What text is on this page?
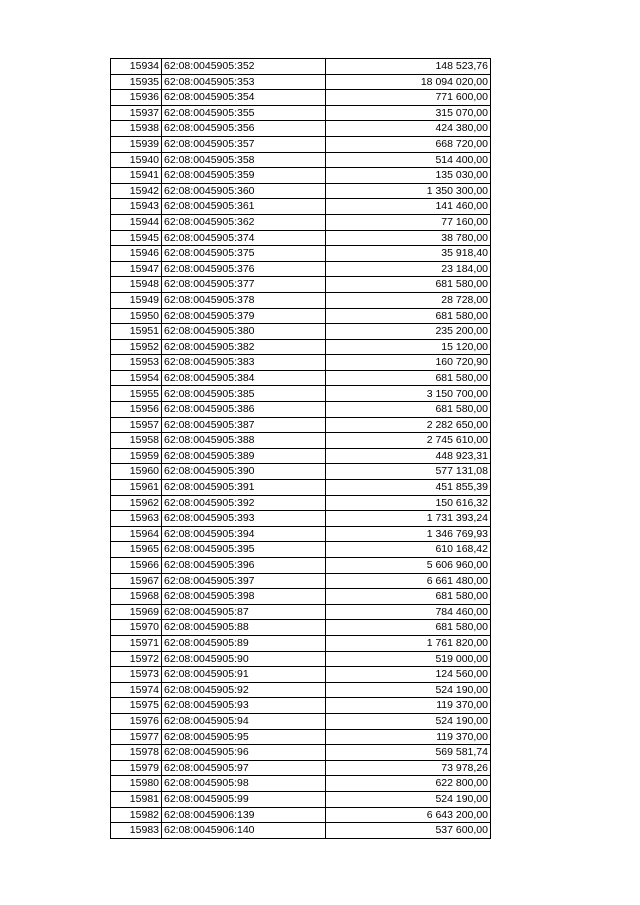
15934	62:08:0045905:352	148 523,76
15935	62:08:0045905:353	18 094 020,00
15936	62:08:0045905:354	771 600,00
15937	62:08:0045905:355	315 070,00
15938	62:08:0045905:356	424 380,00
15939	62:08:0045905:357	668 720,00
15940	62:08:0045905:358	514 400,00
15941	62:08:0045905:359	135 030,00
15942	62:08:0045905:360	1 350 300,00
15943	62:08:0045905:361	141 460,00
15944	62:08:0045905:362	77 160,00
15945	62:08:0045905:374	38 780,00
15946	62:08:0045905:375	35 918,40
15947	62:08:0045905:376	23 184,00
15948	62:08:0045905:377	681 580,00
15949	62:08:0045905:378	28 728,00
15950	62:08:0045905:379	681 580,00
15951	62:08:0045905:380	235 200,00
15952	62:08:0045905:382	15 120,00
15953	62:08:0045905:383	160 720,90
15954	62:08:0045905:384	681 580,00
15955	62:08:0045905:385	3 150 700,00
15956	62:08:0045905:386	681 580,00
15957	62:08:0045905:387	2 282 650,00
15958	62:08:0045905:388	2 745 610,00
15959	62:08:0045905:389	448 923,31
15960	62:08:0045905:390	577 131,08
15961	62:08:0045905:391	451 855,39
15962	62:08:0045905:392	150 616,32
15963	62:08:0045905:393	1 731 393,24
15964	62:08:0045905:394	1 346 769,93
15965	62:08:0045905:395	610 168,42
15966	62:08:0045905:396	5 606 960,00
15967	62:08:0045905:397	6 661 480,00
15968	62:08:0045905:398	681 580,00
15969	62:08:0045905:87	784 460,00
15970	62:08:0045905:88	681 580,00
15971	62:08:0045905:89	1 761 820,00
15972	62:08:0045905:90	519 000,00
15973	62:08:0045905:91	124 560,00
15974	62:08:0045905:92	524 190,00
15975	62:08:0045905:93	119 370,00
15976	62:08:0045905:94	524 190,00
15977	62:08:0045905:95	119 370,00
15978	62:08:0045905:96	569 581,74
15979	62:08:0045905:97	73 978,26
15980	62:08:0045905:98	622 800,00
15981	62:08:0045905:99	524 190,00
15982	62:08:0045906:139	6 643 200,00
15983	62:08:0045906:140	537 600,00
